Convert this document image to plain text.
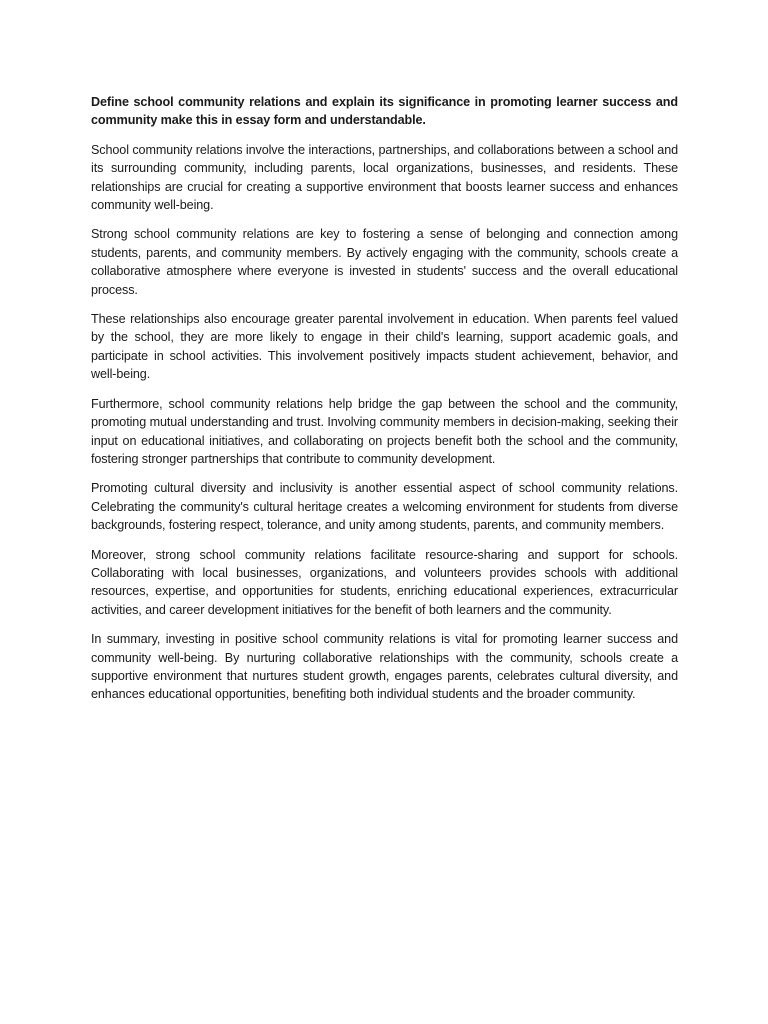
Define school community relations and explain its significance in promoting learner success and community make this in essay form and understandable.

School community relations involve the interactions, partnerships, and collaborations between a school and its surrounding community, including parents, local organizations, businesses, and residents. These relationships are crucial for creating a supportive environment that boosts learner success and enhances community well-being.

Strong school community relations are key to fostering a sense of belonging and connection among students, parents, and community members. By actively engaging with the community, schools create a collaborative atmosphere where everyone is invested in students' success and the overall educational process.

These relationships also encourage greater parental involvement in education. When parents feel valued by the school, they are more likely to engage in their child's learning, support academic goals, and participate in school activities. This involvement positively impacts student achievement, behavior, and well-being.

Furthermore, school community relations help bridge the gap between the school and the community, promoting mutual understanding and trust. Involving community members in decision-making, seeking their input on educational initiatives, and collaborating on projects benefit both the school and the community, fostering stronger partnerships that contribute to community development.

Promoting cultural diversity and inclusivity is another essential aspect of school community relations. Celebrating the community's cultural heritage creates a welcoming environment for students from diverse backgrounds, fostering respect, tolerance, and unity among students, parents, and community members.

Moreover, strong school community relations facilitate resource-sharing and support for schools. Collaborating with local businesses, organizations, and volunteers provides schools with additional resources, expertise, and opportunities for students, enriching educational experiences, extracurricular activities, and career development initiatives for the benefit of both learners and the community.

In summary, investing in positive school community relations is vital for promoting learner success and community well-being. By nurturing collaborative relationships with the community, schools create a supportive environment that nurtures student growth, engages parents, celebrates cultural diversity, and enhances educational opportunities, benefiting both individual students and the broader community.
